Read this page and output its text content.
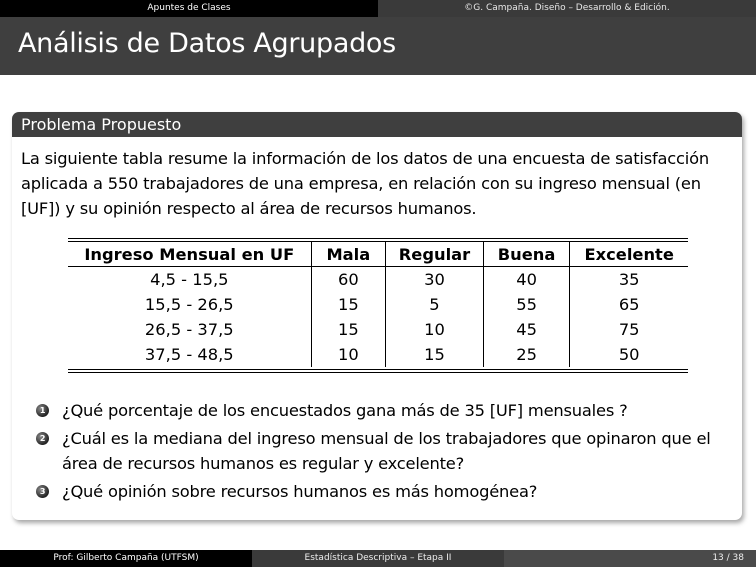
Apuntes de Clases	©G. Campaña. Diseño – Desarrollo & Edición.
Análisis de Datos Agrupados
Problema Propuesto
La siguiente tabla resume la información de los datos de una encuesta de satisfacción aplicada a 550 trabajadores de una empresa, en relación con su ingreso mensual (en [UF]) y su opinión respecto al área de recursos humanos.
Ingreso Mensual en UF	Mala	Regular	Buena	Excelente
4,5 - 15,5	60	30	40	35
15,5 - 26,5	15	5	55	65
26,5 - 37,5	15	10	45	75
37,5 - 48,5	10	15	25	50
1 ¿Qué porcentaje de los encuestados gana más de 35 [UF] mensuales ?
2 ¿Cuál es la mediana del ingreso mensual de los trabajadores que opinaron que el área de recursos humanos es regular y excelente?
3 ¿Qué opinión sobre recursos humanos es más homogénea?
Prof: Gilberto Campaña (UTFSM)	Estadística Descriptiva – Etapa II	13 / 38
